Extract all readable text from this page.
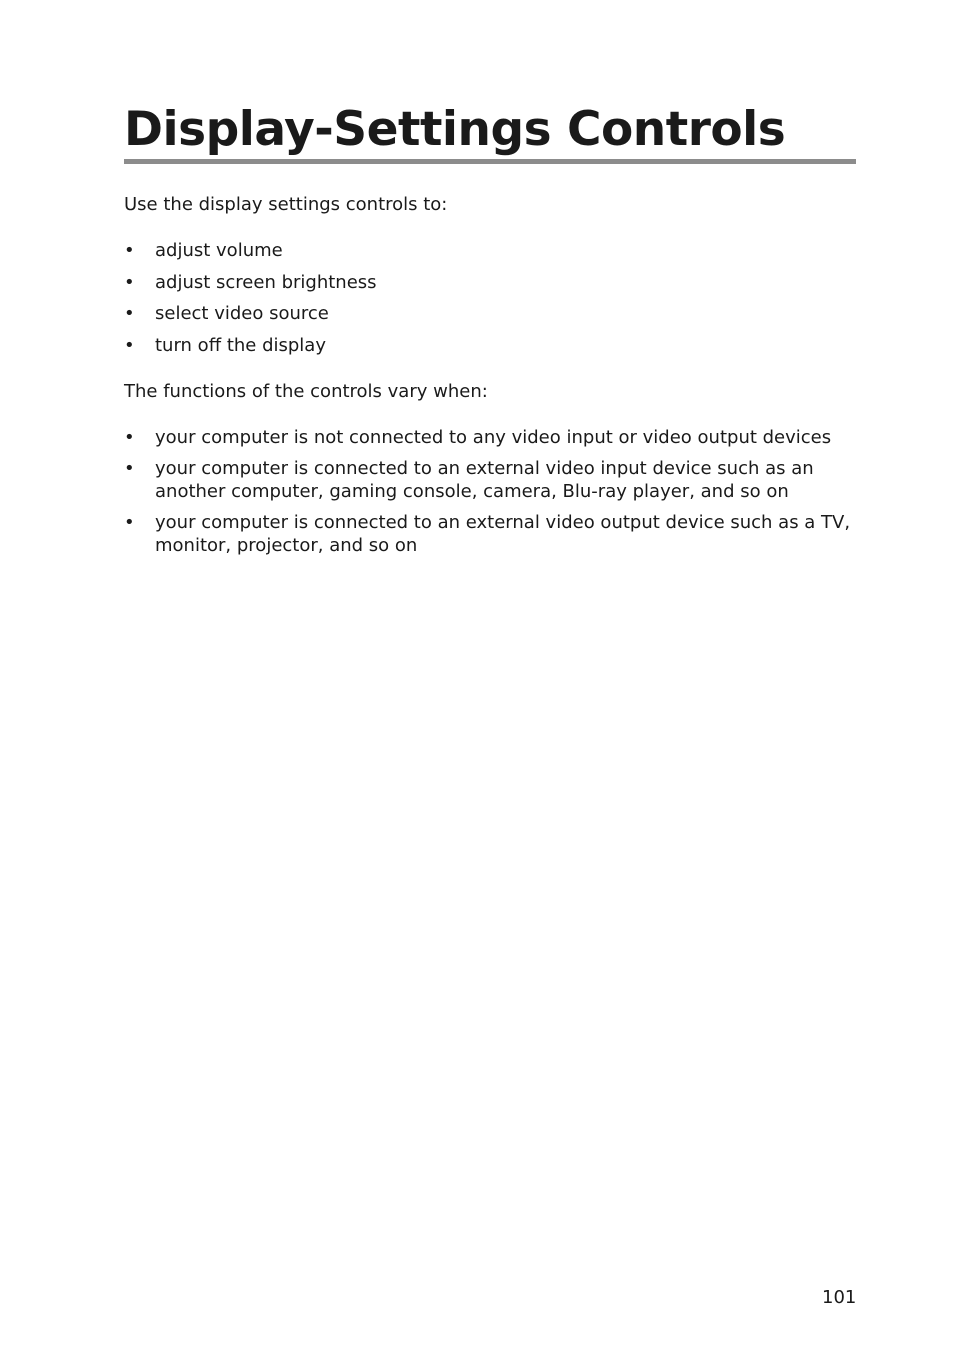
Display-Settings Controls

Use the display settings controls to:

• adjust volume
• adjust screen brightness
• select video source
• turn off the display

The functions of the controls vary when:

• your computer is not connected to any video input or video output devices
• your computer is connected to an external video input device such as an another computer, gaming console, camera, Blu-ray player, and so on
• your computer is connected to an external video output device such as a TV, monitor, projector, and so on

101
